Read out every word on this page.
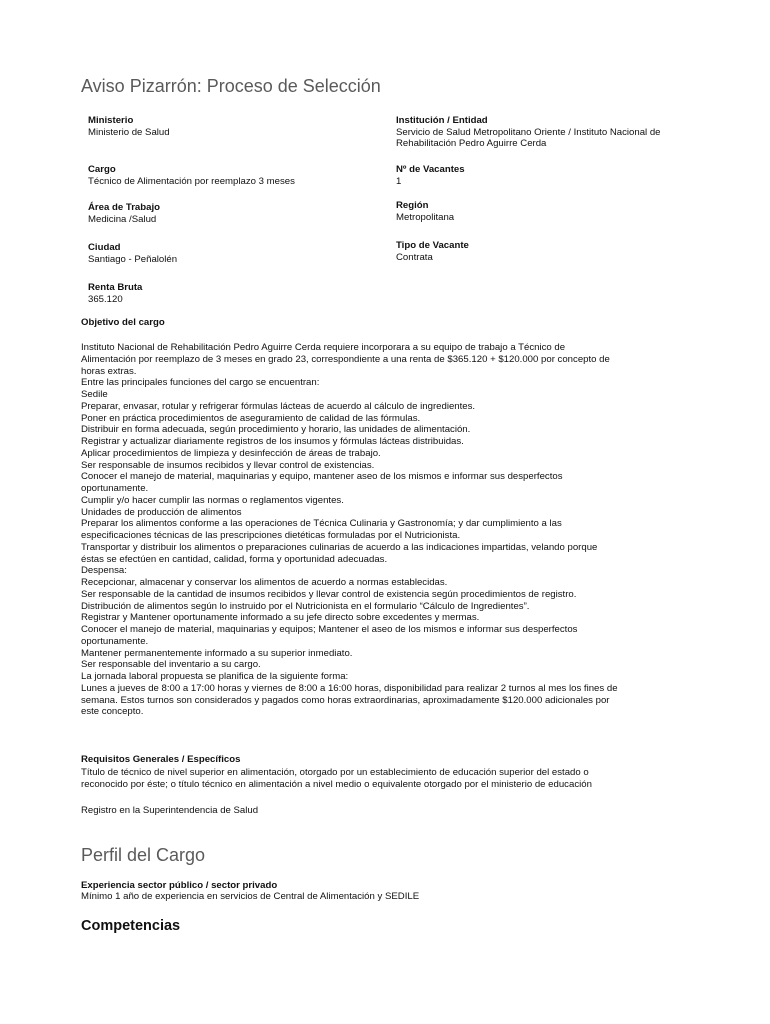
Aviso Pizarrón: Proceso de Selección
Ministerio
Ministerio de Salud
Cargo
Técnico de Alimentación por reemplazo 3 meses
Área de Trabajo
Medicina /Salud
Ciudad
Santiago - Peñalolén
Renta Bruta
365.120
Institución / Entidad
Servicio de Salud Metropolitano Oriente / Instituto Nacional de
Rehabilitación Pedro Aguirre Cerda
Nº de Vacantes
1
Región
Metropolitana
Tipo de Vacante
Contrata

Objetivo del cargo

Instituto Nacional de Rehabilitación Pedro Aguirre Cerda requiere incorporara a su equipo de trabajo a Técnico de
Alimentación por reemplazo de 3 meses en grado 23, correspondiente a una renta de $365.120 + $120.000 por concepto de
horas extras.
Entre las principales funciones del cargo se encuentran:
Sedile
Preparar, envasar, rotular y refrigerar fórmulas lácteas de acuerdo al cálculo de ingredientes.
Poner en práctica procedimientos de aseguramiento de calidad de las fórmulas.
Distribuir en forma adecuada, según procedimiento y horario, las unidades de alimentación.
Registrar y actualizar diariamente registros de los insumos y fórmulas lácteas distribuidas.
Aplicar procedimientos de limpieza y desinfección de áreas de trabajo.
Ser responsable de insumos recibidos y llevar control de existencias.
Conocer el manejo de material, maquinarias y equipo, mantener aseo de los mismos e informar sus desperfectos
oportunamente.
Cumplir y/o hacer cumplir las normas o reglamentos vigentes.
Unidades de producción de alimentos
Preparar los alimentos conforme a las operaciones de Técnica Culinaria y Gastronomía; y dar cumplimiento a las
especificaciones técnicas de las prescripciones dietéticas formuladas por el Nutricionista.
Transportar y distribuir los alimentos o preparaciones culinarias de acuerdo a las indicaciones impartidas, velando porque
éstas se efectúen en cantidad, calidad, forma y oportunidad adecuadas.
Despensa:
Recepcionar, almacenar y conservar los alimentos de acuerdo a normas establecidas.
Ser responsable de la cantidad de insumos recibidos y llevar control de existencia según procedimientos de registro.
Distribución de alimentos según lo instruido por el Nutricionista en el formulario “Cálculo de Ingredientes”.
Registrar y Mantener oportunamente informado a su jefe directo sobre excedentes y mermas.
Conocer el manejo de material, maquinarias y equipos; Mantener el aseo de los mismos e informar sus desperfectos
oportunamente.
Mantener permanentemente informado a su superior inmediato.
Ser responsable del inventario a su cargo.
La jornada laboral propuesta se planifica de la siguiente forma:
Lunes a jueves de 8:00 a 17:00 horas y viernes de 8:00 a 16:00 horas, disponibilidad para realizar 2 turnos al mes los fines de
semana. Estos turnos son considerados y pagados como horas extraordinarias, aproximadamente $120.000 adicionales por
este concepto.

Requisitos Generales / Específicos

Título de técnico de nivel superior en alimentación, otorgado por un establecimiento de educación superior del estado o
reconocido por éste; o título técnico en alimentación a nivel medio o equivalente otorgado por el ministerio de educación

Registro en la Superintendencia de Salud

Perfil del Cargo

Experiencia sector público / sector privado

Mínimo 1 año de experiencia en servicios de Central de Alimentación y SEDILE

Competencias
